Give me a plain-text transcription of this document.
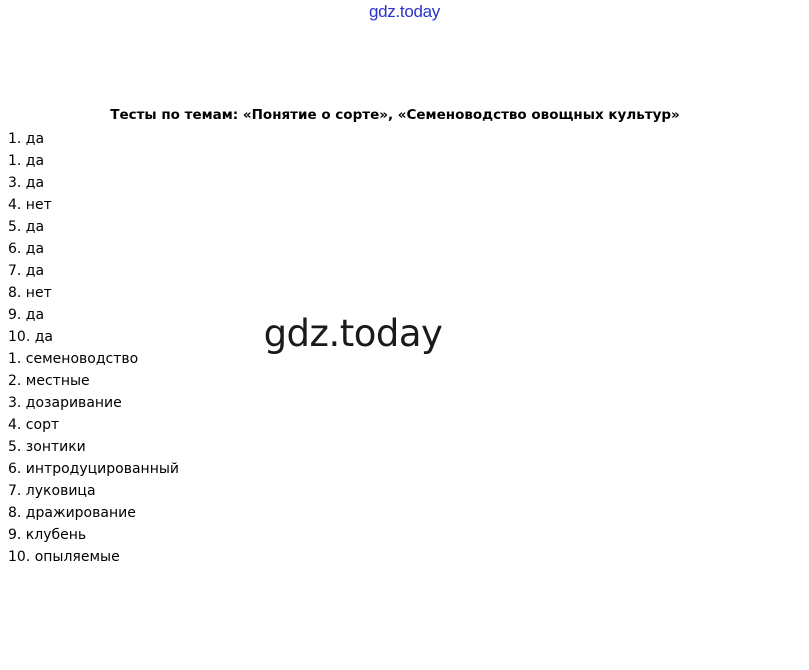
gdz.today
Тесты по темам: «Понятие о сорте», «Семеноводство овощных культур»
1. да
1. да
3. да
4. нет
5. да
6. да
7. да
8. нет
9. да
10. да
1. семеноводство
2. местные
3. дозаривание
4. сорт
5. зонтики
6. интродуцированный
7. луковица
8. дражирование
9. клубень
10. опыляемые
gdz.today
